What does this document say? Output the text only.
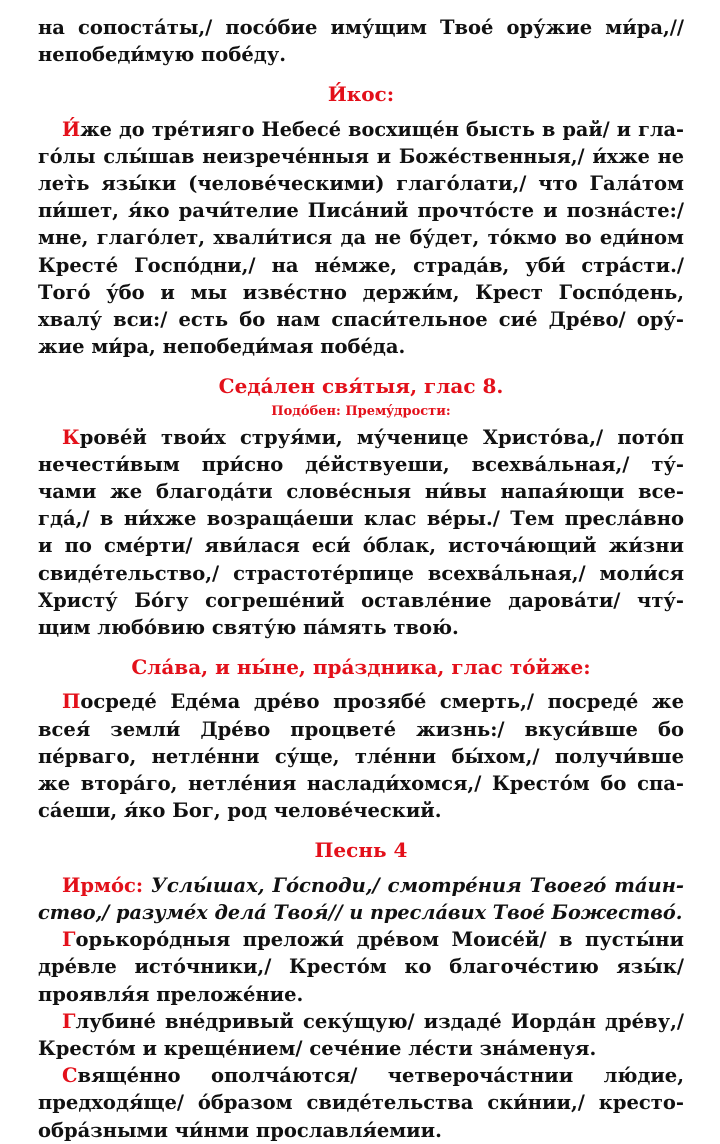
на сопоста́ты,/ посо́бие иму́щим Твое́ ору́жие ми́ра,//
непобеди́мую побе́ду.
И́кос:
И́же до тре́тияго Небесе́ восхище́н бысть в рай/ и гла-
го́лы слы́шав неизрече́нныя и Боже́ственныя,/ и́хже не
лет̀ь язы́ки (челове́ческими) глаго́лати,/ что Гала́том
пи́шет, я́ко рачи́телие Писа́ний прочто́сте и позна́сте:/
мне, глаго́лет, хвали́тися да не бу́дет, то́кмо во еди́ном
Кресте́ Госпо́дни,/ на не́мже, страда́в, уби́ стра́сти./
Того́ у́бо и мы изве́стно держи́м, Крест Госпо́день,
хвалу́ вси:/ есть бо нам спаси́тельное сие́ Дре́во/ ору́-
жие ми́ра, непобеди́мая побе́да.
Седа́лен свя́тыя, глас 8.
Подо́бен: Премýдрости:
Крове́й твои́х струя́ми, му́ченице Христо́ва,/ пото́п
нечести́вым при́сно де́йствуеши, всехва́льная,/ ту́-
чами же благода́ти слове́сныя ни́вы напая́ющи все-
гда́,/ в ни́хже возраща́еши клас ве́ры./ Тем пресла́вно
и по сме́рти/ яви́лася еси́ о́блак, источа́ющий жи́зни
свиде́тельство,/ страстоте́рпице всехва́льная,/ моли́ся
Христу́ Бо́гу согреше́ний оставле́ние дарова́ти/ чту́-
щим любо́вию святу́ю па́мять твою́.
Сла́ва, и ны́не, пра́здника, глас то́йже:
Посреде́ Еде́ма дре́во прозябе́ смерть,/ посреде́ же
всея́ земли́ Дре́во процвете́ жизнь:/ вкуси́вше бо
пе́рваго, нетле́нни су́ще, тле́нни бы́хом,/ получи́вше
же втора́го, нетле́ния наслади́хомся,/ Кресто́м бо спа-
са́еши, я́ко Бог, род челове́ческий.
Песнь 4
Ирмо́с: Услы́шах, Го́споди,/ смотре́ния Твоего́ та́ин-
ство,/ разуме́х дела́ Твоя́// и пресла́вих Твое́ Божество́.
Горькоро́дныя преложи́ дре́вом Моисе́й/ в пусты́ни
дре́вле исто́чники,/ Кресто́м ко благоче́стию язы́к/
проявля́я преложе́ние.
Глубине́ вне́дривый секу́щую/ издаде́ Иорда́н дре́ву,/
Кресто́м и креще́нием/ сече́ние ле́сти зна́менуя.
Свяще́нно ополча́ются/ четвероча́стнии лю́дие,
предходя́ще/ о́бразом свиде́тельства ски́нии,/ кресто-
обра́зными чи́нми прославля́емии.
